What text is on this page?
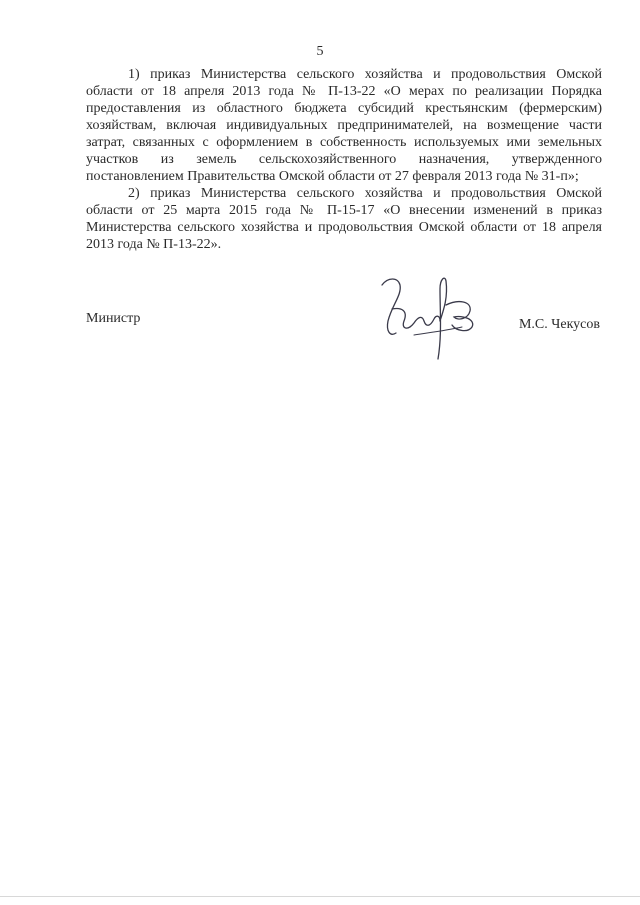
5

1) приказ Министерства сельского хозяйства и продовольствия Омской области от 18 апреля 2013 года № П-13-22 «О мерах по реализации Порядка предоставления из областного бюджета субсидий крестьянским (фермерским) хозяйствам, включая индивидуальных предпринимателей, на возмещение части затрат, связанных с оформлением в собственность используемых ими земельных участков из земель сельскохозяйственного назначения, утвержденного постановлением Правительства Омской области от 27 февраля 2013 года № 31-п»;

2) приказ Министерства сельского хозяйства и продовольствия Омской области от 25 марта 2015 года № П-15-17 «О внесении изменений в приказ Министерства сельского хозяйства и продовольствия Омской области от 18 апреля 2013 года № П-13-22».

Министр	М.С. Чекусов
